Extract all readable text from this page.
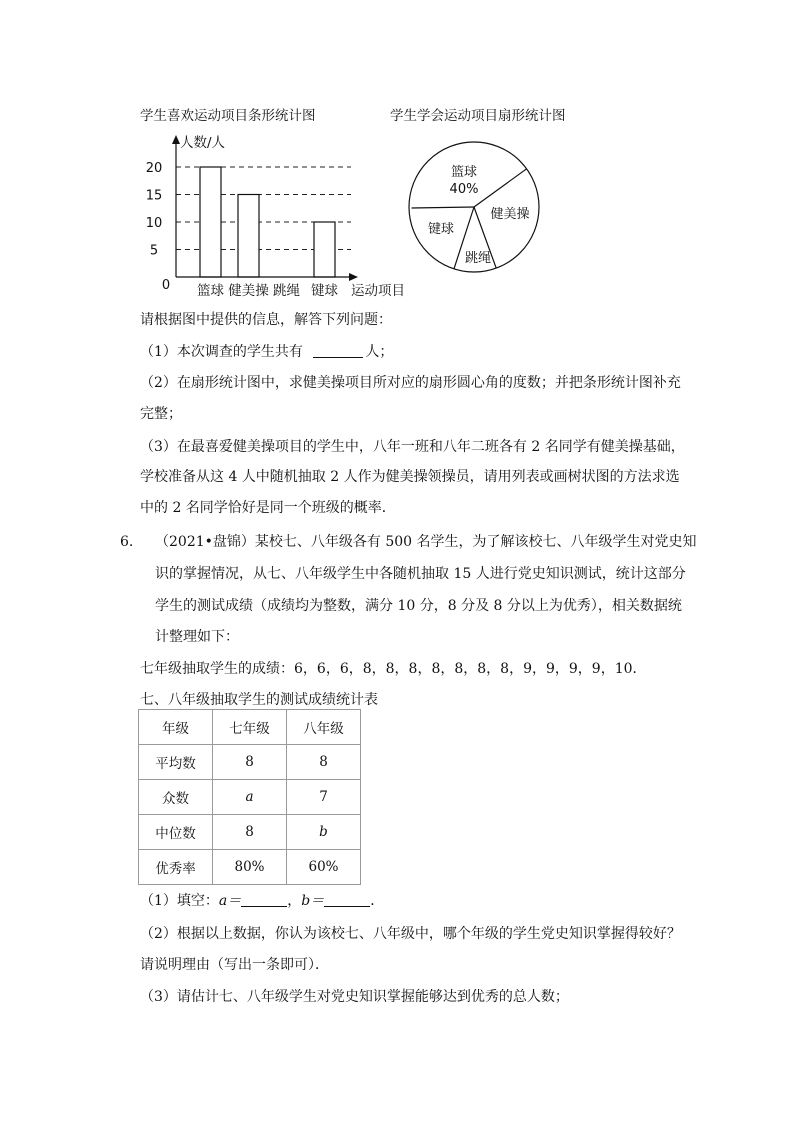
学生喜欢运动项目条形统计图	学生学会运动项目扇形统计图
0
5
10
15
20
篮球 健美操 跳绳 键球
人数/人
运动项目
篮球
40%
健美操
跳绳
键球
请根据图中提供的信息，解答下列问题：
（1）本次调查的学生共有	人；
（2）在扇形统计图中，求健美操项目所对应的扇形圆心角的度数；并把条形统计图补充
完整；
（3）在最喜爱健美操项目的学生中，八年一班和八年二班各有 2 名同学有健美操基础，
学校准备从这 4 人中随机抽取 2 人作为健美操领操员，请用列表或画树状图的方法求选
中的 2 名同学恰好是同一个班级的概率．
6. （2021•盘锦）某校七、八年级各有 500 名学生，为了解该校七、八年级学生对党史知
识的掌握情况，从七、八年级学生中各随机抽取 15 人进行党史知识测试，统计这部分
学生的测试成绩（成绩均为整数，满分 10 分，8 分及 8 分以上为优秀），相关数据统
计整理如下：
七年级抽取学生的成绩：6，6，6，8，8，8，8，8，8，8，9，9，9，9，10．
七、八年级抽取学生的测试成绩统计表
年级	七年级	八年级
平均数	8	8
众数	a	7
中位数	8	b
优秀率	80%	60%
（1）填空：a＝	，b＝	．
（2）根据以上数据，你认为该校七、八年级中，哪个年级的学生党史知识掌握得较好？
请说明理由（写出一条即可）．
（3）请估计七、八年级学生对党史知识掌握能够达到优秀的总人数；
